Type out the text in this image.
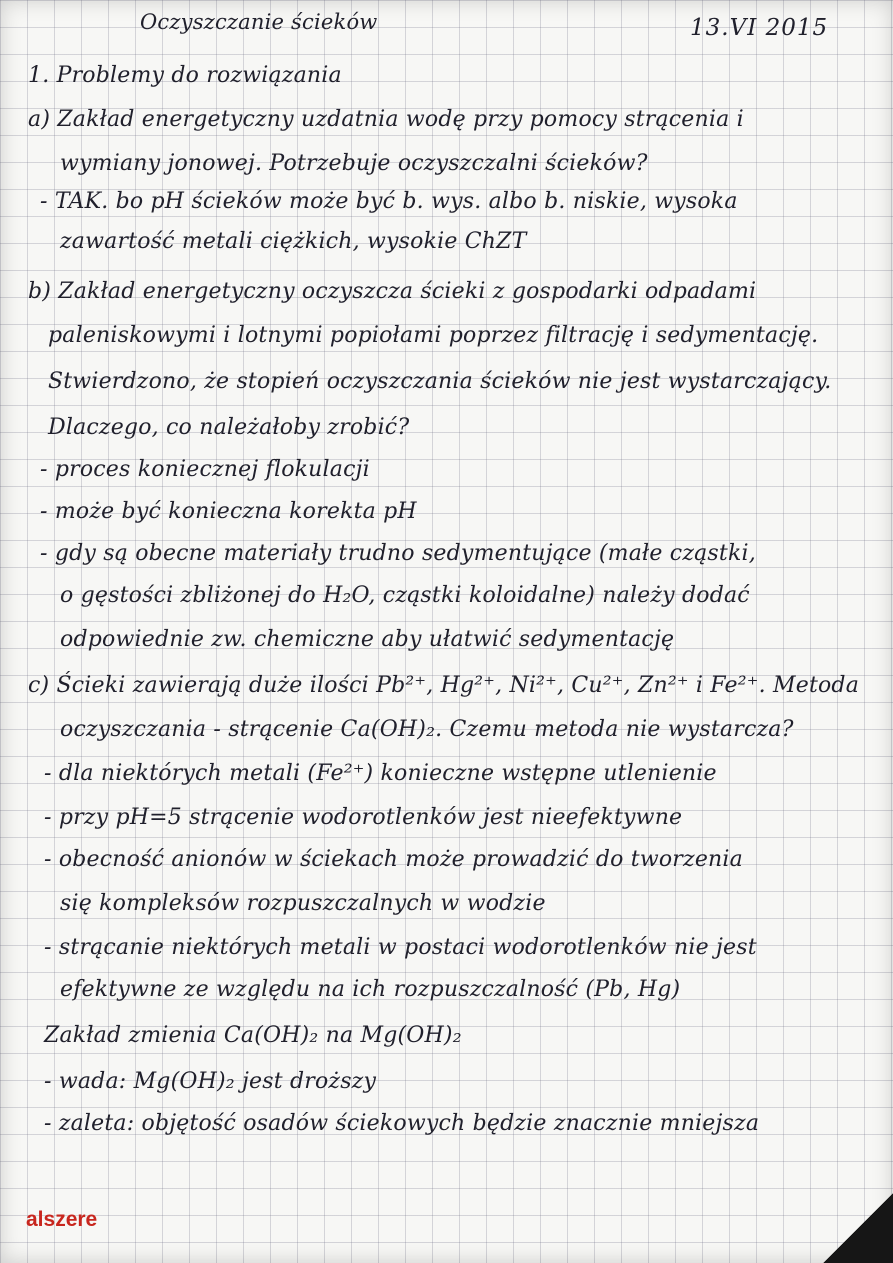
Oczyszczanie ścieków	13.VI 2015
1. Problemy do rozwiązania
a) Zakład energetyczny uzdatnia wodę przy pomocy strącenia i
wymiany jonowej. Potrzebuje oczyszczalni ścieków?
- TAK. bo pH ścieków może być b. wys. albo b. niskie, wysoka
zawartość metali ciężkich, wysokie ChZT
b) Zakład energetyczny oczyszcza ścieki z gospodarki odpadami
paleniskowymi i lotnymi popiołami poprzez filtrację i sedymentację.
Stwierdzono, że stopień oczyszczania ścieków nie jest wystarczający.
Dlaczego, co należałoby zrobić?
- proces koniecznej flokulacji
- może być konieczna korekta pH
- gdy są obecne materiały trudno sedymentujące (małe cząstki,
o gęstości zbliżonej do H₂O, cząstki koloidalne) należy dodać
odpowiednie zw. chemiczne aby ułatwić sedymentację
c) Ścieki zawierają duże ilości Pb²⁺, Hg²⁺, Ni²⁺, Cu²⁺, Zn²⁺ i Fe²⁺. Metoda
oczyszczania - strącenie Ca(OH)₂. Czemu metoda nie wystarcza?
- dla niektórych metali (Fe²⁺) konieczne wstępne utlenienie
- przy pH=5 strącenie wodorotlenków jest nieefektywne
- obecność anionów w ściekach może prowadzić do tworzenia
się kompleksów rozpuszczalnych w wodzie
- strącanie niektórych metali w postaci wodorotlenków nie jest
efektywne ze względu na ich rozpuszczalność (Pb, Hg)
Zakład zmienia Ca(OH)₂ na Mg(OH)₂
- wada: Mg(OH)₂ jest droższy
- zaleta: objętość osadów ściekowych będzie znacznie mniejsza
alszere
